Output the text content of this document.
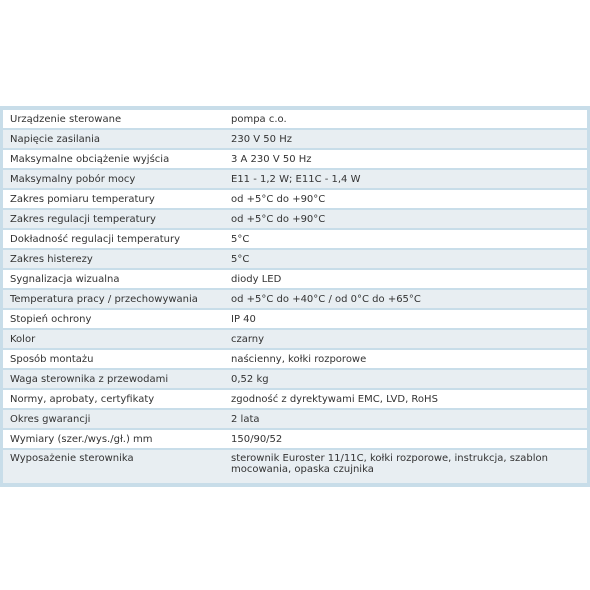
Urządzenie sterowane	pompa c.o.
Napięcie zasilania	230 V 50 Hz
Maksymalne obciążenie wyjścia	3 A 230 V 50 Hz
Maksymalny pobór mocy	E11 - 1,2 W; E11C - 1,4 W
Zakres pomiaru temperatury	od +5°C do +90°C
Zakres regulacji temperatury	od +5°C do +90°C
Dokładność regulacji temperatury	5°C
Zakres histerezy	5°C
Sygnalizacja wizualna	diody LED
Temperatura pracy / przechowywania	od +5°C do +40°C / od 0°C do +65°C
Stopień ochrony	IP 40
Kolor	czarny
Sposób montażu	naścienny, kołki rozporowe
Waga sterownika z przewodami	0,52 kg
Normy, aprobaty, certyfikaty	zgodność z dyrektywami EMC, LVD, RoHS
Okres gwarancji	2 lata
Wymiary (szer./wys./gł.) mm	150/90/52
Wyposażenie sterownika	sterownik Euroster 11/11C, kołki rozporowe, instrukcja, szablon mocowania, opaska czujnika
